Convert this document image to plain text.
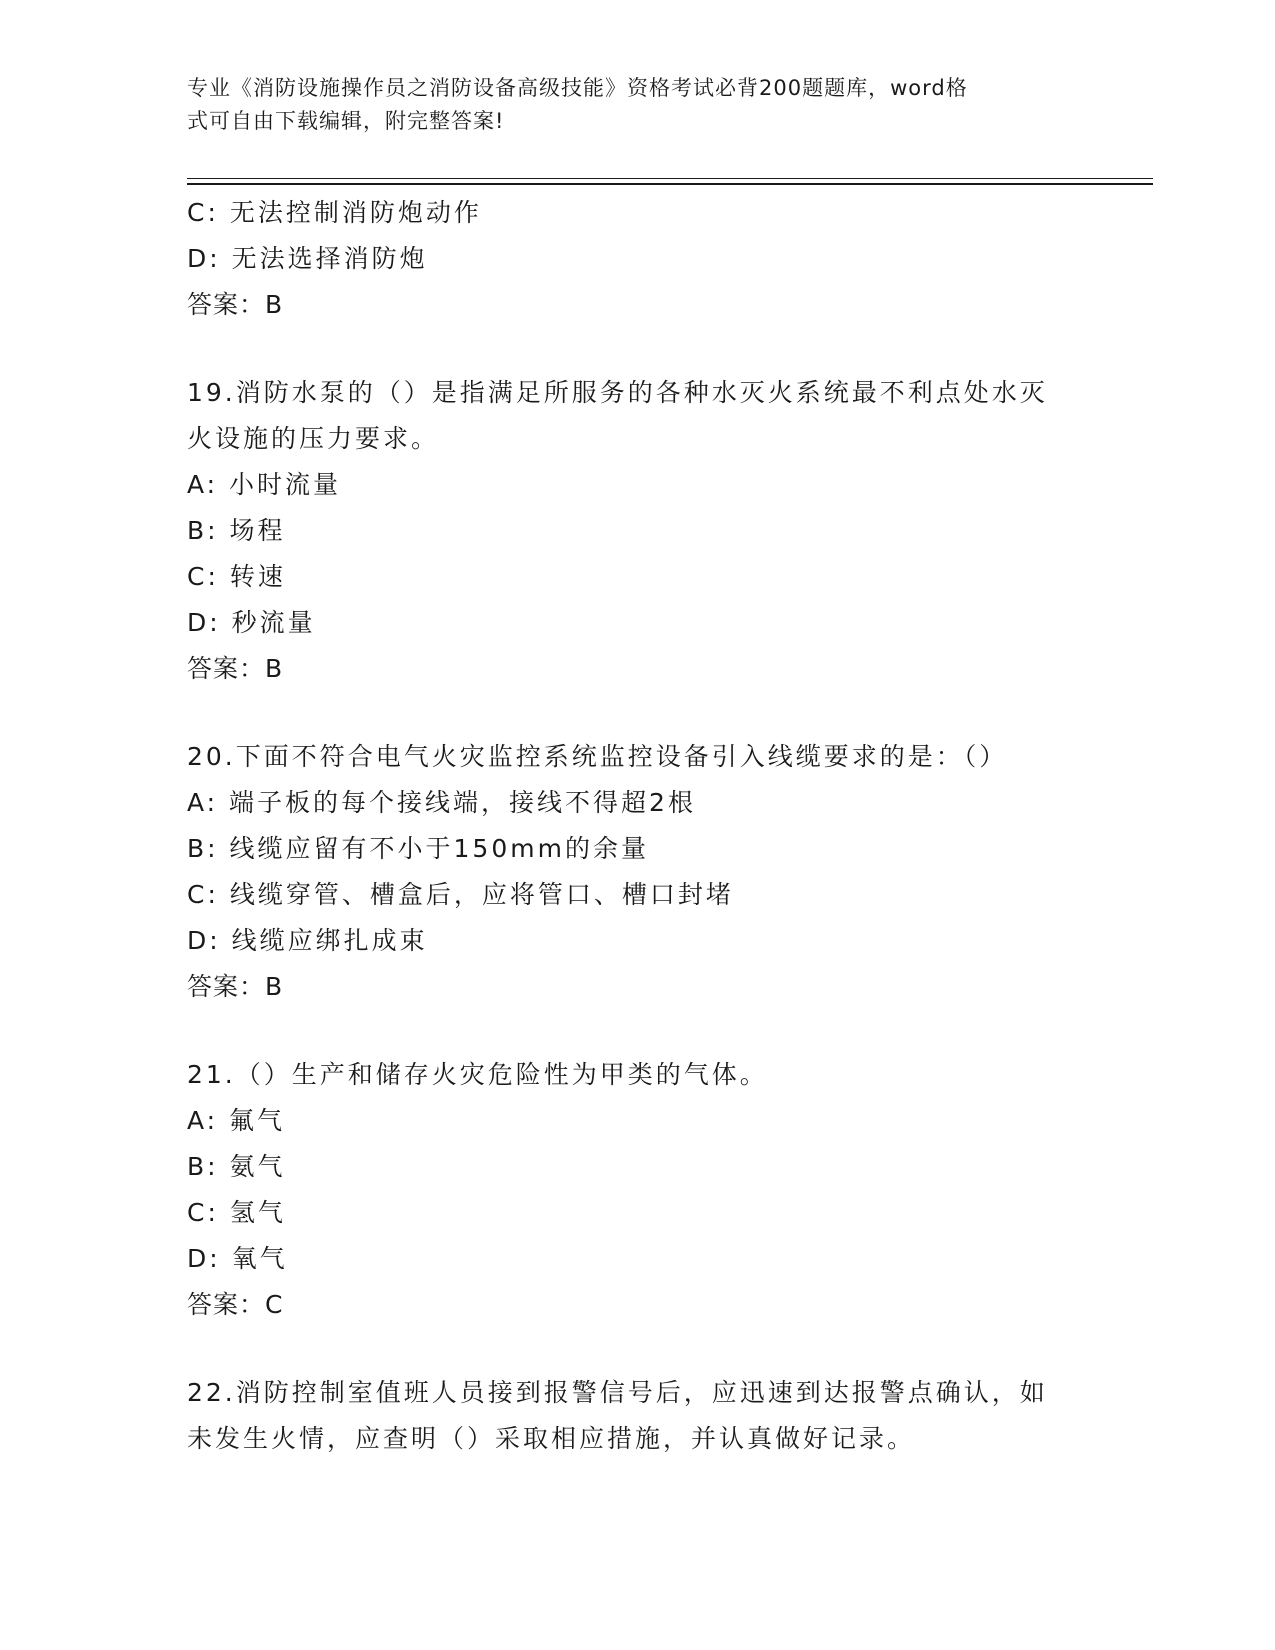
专业《消防设施操作员之消防设备高级技能》资格考试必背200题题库，word格
式可自由下载编辑，附完整答案!
C: 无法控制消防炮动作
D: 无法选择消防炮
答案：B
19.消防水泵的（）是指满足所服务的各种水灭火系统最不利点处水灭
火设施的压力要求。
A: 小时流量
B: 场程
C: 转速
D: 秒流量
答案：B
20.下面不符合电气火灾监控系统监控设备引入线缆要求的是：（）
A: 端子板的每个接线端，接线不得超2根
B: 线缆应留有不小于150mm的余量
C: 线缆穿管、槽盒后，应将管口、槽口封堵
D: 线缆应绑扎成束
答案：B
21.（）生产和储存火灾危险性为甲类的气体。
A: 氟气
B: 氨气
C: 氢气
D: 氧气
答案：C
22.消防控制室值班人员接到报警信号后，应迅速到达报警点确认，如
未发生火情，应查明（）采取相应措施，并认真做好记录。
